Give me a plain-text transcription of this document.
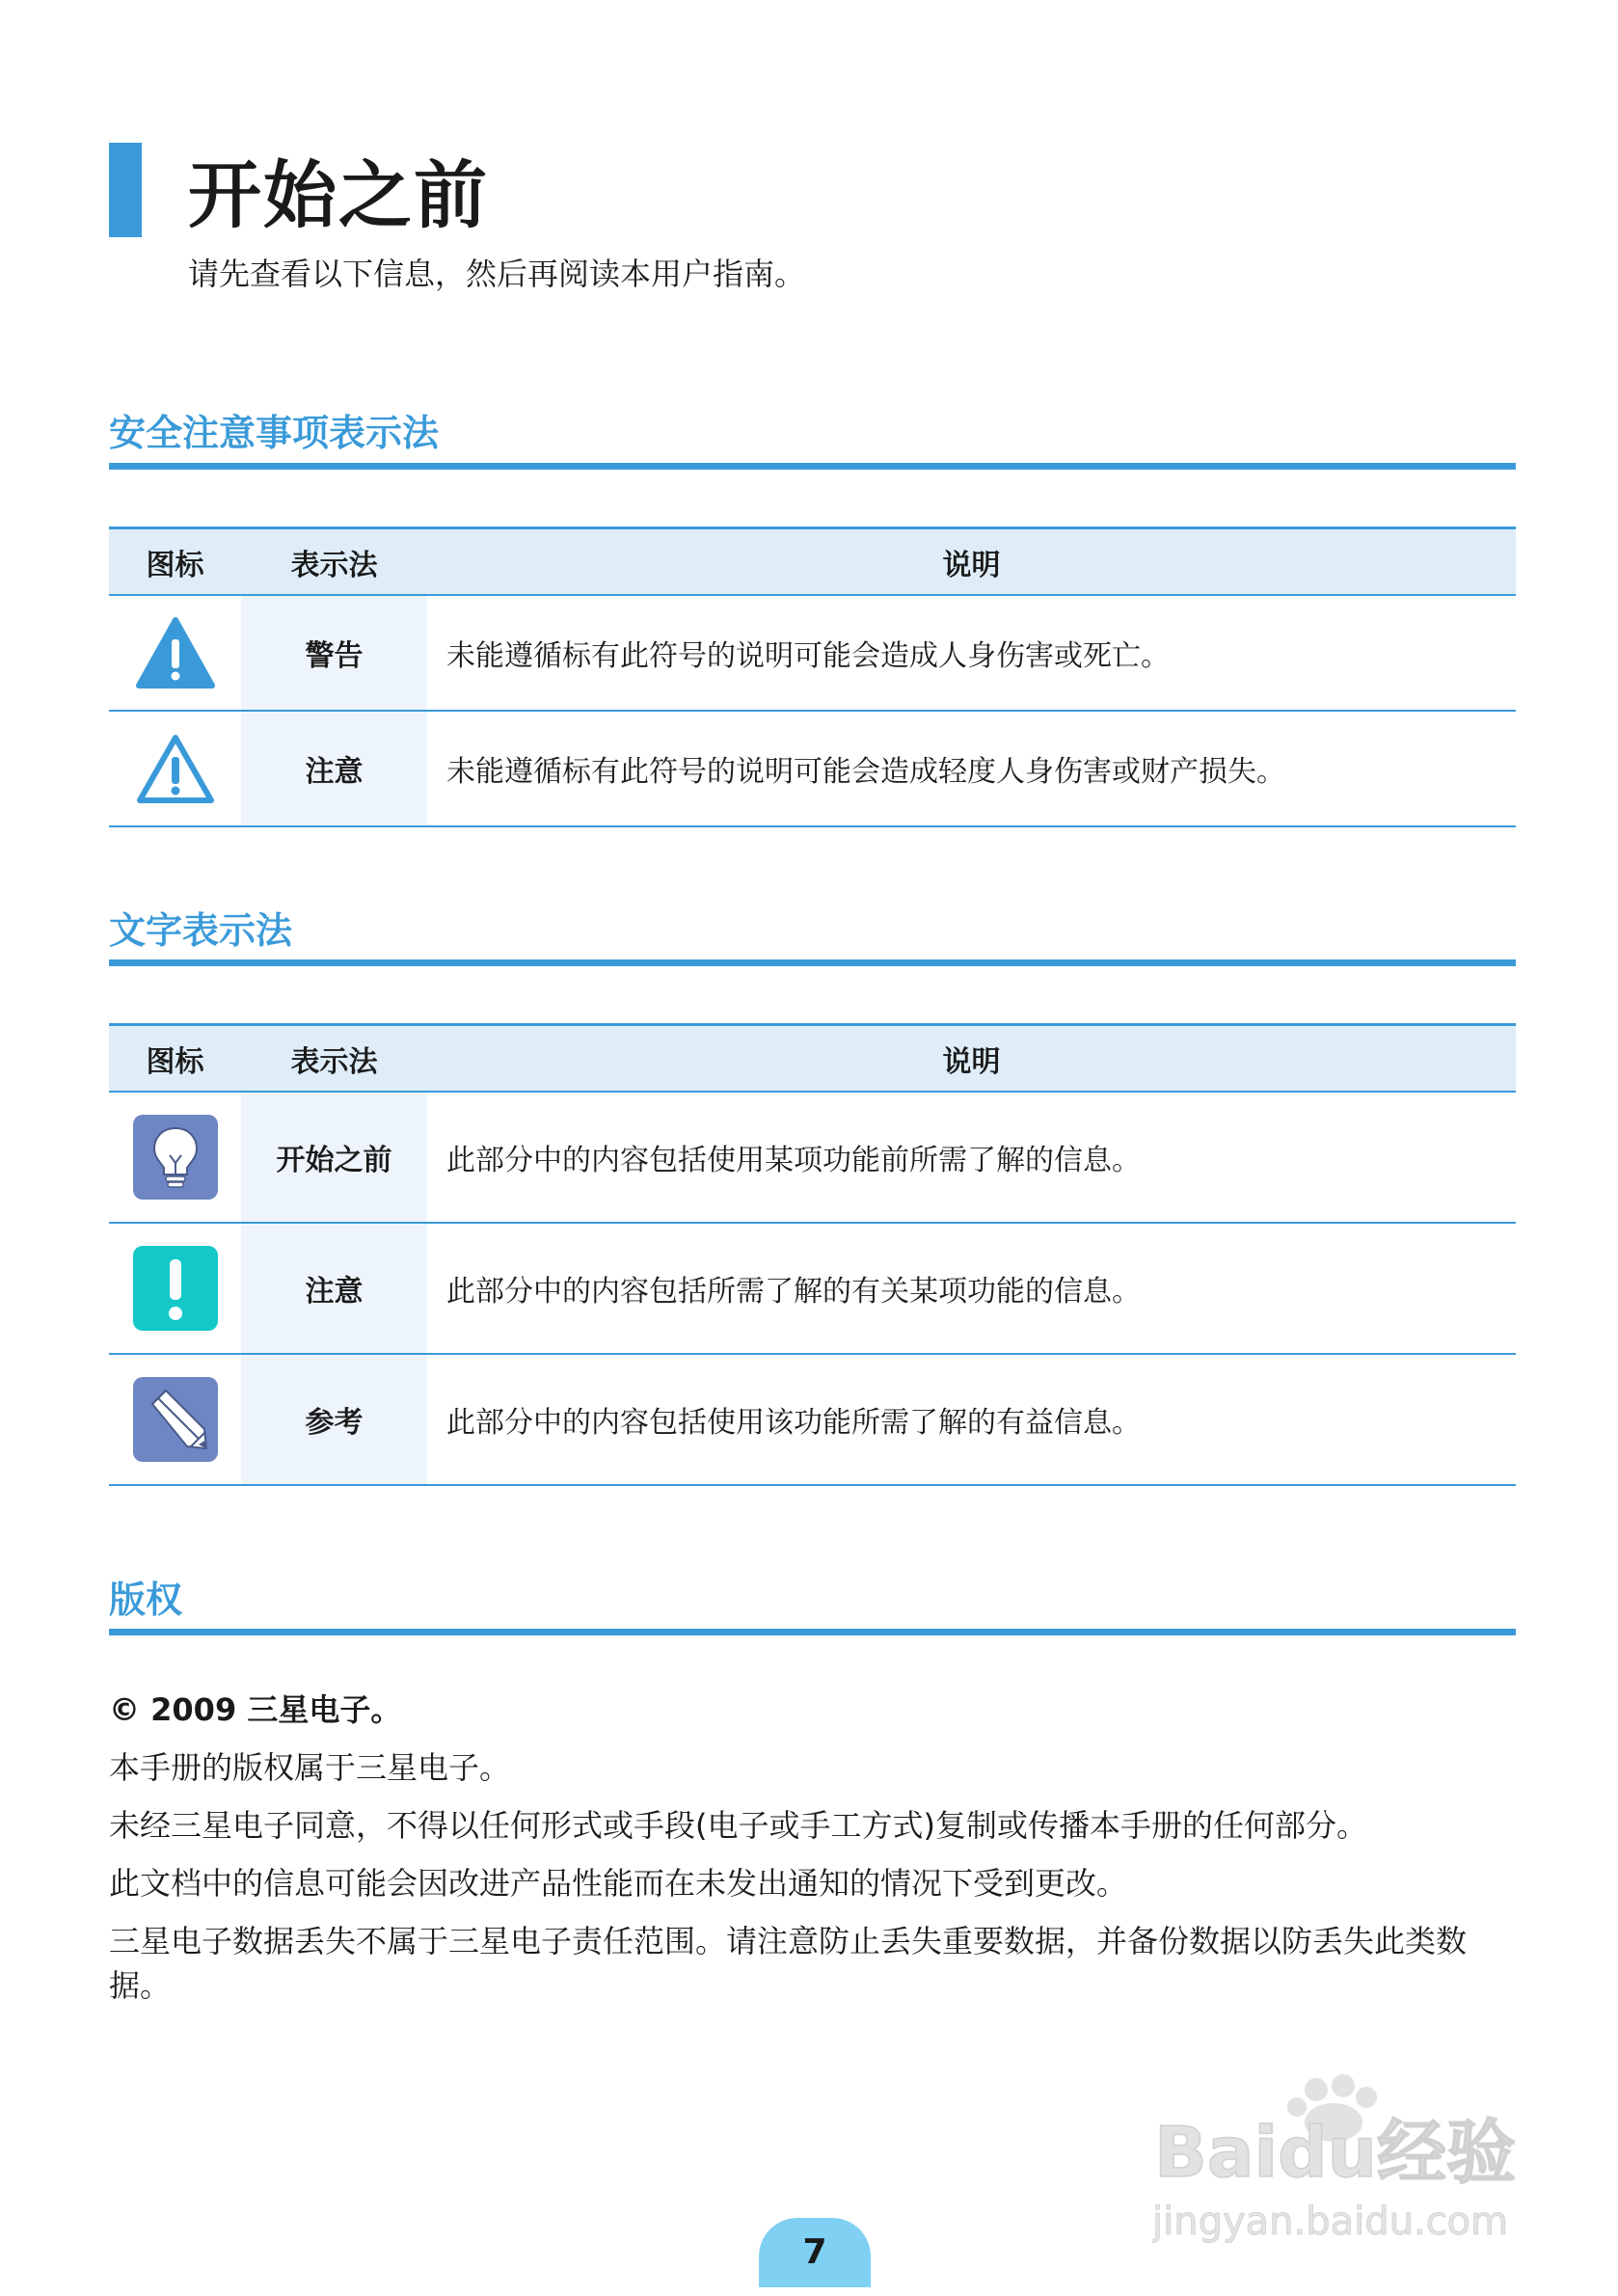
开始之前
请先查看以下信息，然后再阅读本用户指南。
安全注意事项表示法
图标	表示法	说明
	警告	未能遵循标有此符号的说明可能会造成人身伤害或死亡。
	注意	未能遵循标有此符号的说明可能会造成轻度人身伤害或财产损失。
文字表示法
图标	表示法	说明
	开始之前	此部分中的内容包括使用某项功能前所需了解的信息。
	注意	此部分中的内容包括所需了解的有关某项功能的信息。
	参考	此部分中的内容包括使用该功能所需了解的有益信息。
版权

© 2009 三星电子。

本手册的版权属于三星电子。

未经三星电子同意，不得以任何形式或手段(电子或手工方式)复制或传播本手册的任何部分。

此文档中的信息可能会因改进产品性能而在未发出通知的情况下受到更改。

三星电子数据丢失不属于三星电子责任范围。请注意防止丢失重要数据，并备份数据以防丢失此类数据。

Baidu经验
jingyan.baidu.com
7
